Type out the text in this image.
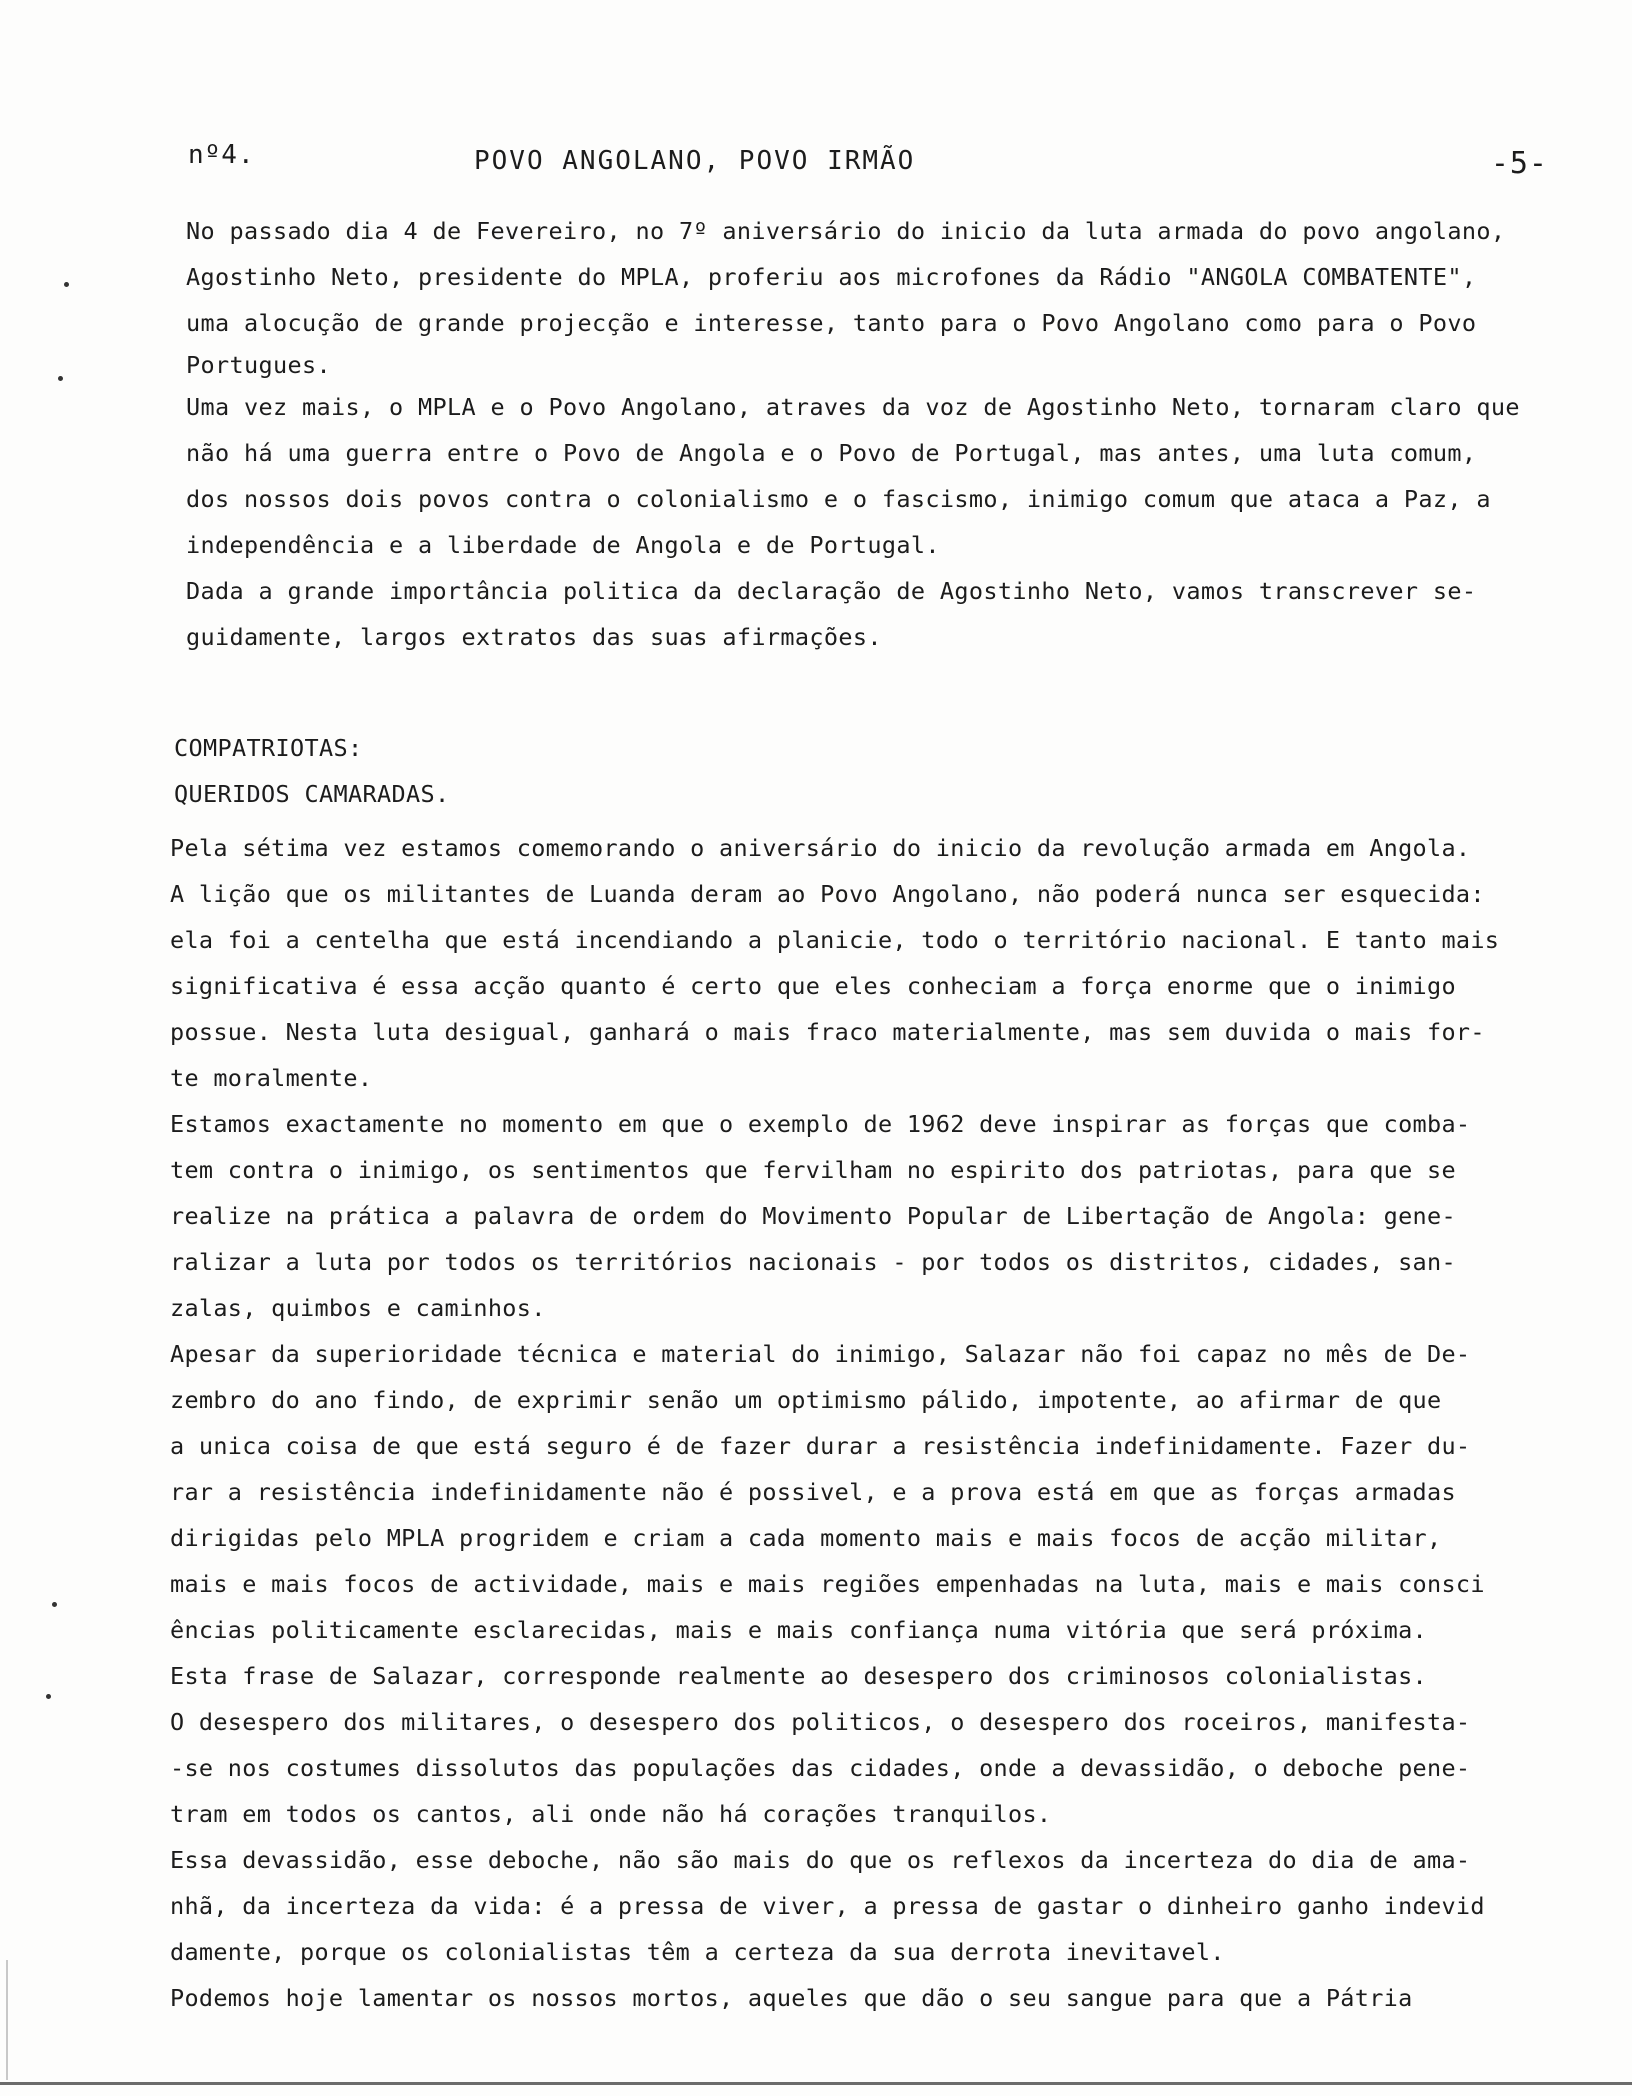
nº4.	POVO ANGOLANO, POVO IRMÃO	-5-
No passado dia 4 de Fevereiro, no 7º aniversário do inicio da luta armada do povo angolano,
Agostinho Neto, presidente do MPLA, proferiu aos microfones da Rádio "ANGOLA COMBATENTE",
uma alocução de grande projecção e interesse, tanto para o Povo Angolano como para o Povo
Portugues.
Uma vez mais, o MPLA e o Povo Angolano, atraves da voz de Agostinho Neto, tornaram claro que
não há uma guerra entre o Povo de Angola e o Povo de Portugal, mas antes, uma luta comum,
dos nossos dois povos contra o colonialismo e o fascismo, inimigo comum que ataca a Paz, a
independência e a liberdade de Angola e de Portugal.
Dada a grande importância politica da declaração de Agostinho Neto, vamos transcrever se-
guidamente, largos extratos das suas afirmações.
COMPATRIOTAS:
QUERIDOS CAMARADAS.
Pela sétima vez estamos comemorando o aniversário do inicio da revolução armada em Angola.
A lição que os militantes de Luanda deram ao Povo Angolano, não poderá nunca ser esquecida:
ela foi a centelha que está incendiando a planicie, todo o território nacional. E tanto mais
significativa é essa acção quanto é certo que eles conheciam a força enorme que o inimigo
possue. Nesta luta desigual, ganhará o mais fraco materialmente, mas sem duvida o mais for-
te moralmente.
Estamos exactamente no momento em que o exemplo de 1962 deve inspirar as forças que comba-
tem contra o inimigo, os sentimentos que fervilham no espirito dos patriotas, para que se
realize na prática a palavra de ordem do Movimento Popular de Libertação de Angola: gene-
ralizar a luta por todos os territórios nacionais - por todos os distritos, cidades, san-
zalas, quimbos e caminhos.
Apesar da superioridade técnica e material do inimigo, Salazar não foi capaz no mês de De-
zembro do ano findo, de exprimir senão um optimismo pálido, impotente, ao afirmar de que
a unica coisa de que está seguro é de fazer durar a resistência indefinidamente. Fazer du-
rar a resistência indefinidamente não é possivel, e a prova está em que as forças armadas
dirigidas pelo MPLA progridem e criam a cada momento mais e mais focos de acção militar,
mais e mais focos de actividade, mais e mais regiões empenhadas na luta, mais e mais consci
ências politicamente esclarecidas, mais e mais confiança numa vitória que será próxima.
Esta frase de Salazar, corresponde realmente ao desespero dos criminosos colonialistas.
O desespero dos militares, o desespero dos politicos, o desespero dos roceiros, manifesta-
-se nos costumes dissolutos das populações das cidades, onde a devassidão, o deboche pene-
tram em todos os cantos, ali onde não há corações tranquilos.
Essa devassidão, esse deboche, não são mais do que os reflexos da incerteza do dia de ama-
nhã, da incerteza da vida: é a pressa de viver, a pressa de gastar o dinheiro ganho indevid
damente, porque os colonialistas têm a certeza da sua derrota inevitavel.
Podemos hoje lamentar os nossos mortos, aqueles que dão o seu sangue para que a Pátria
